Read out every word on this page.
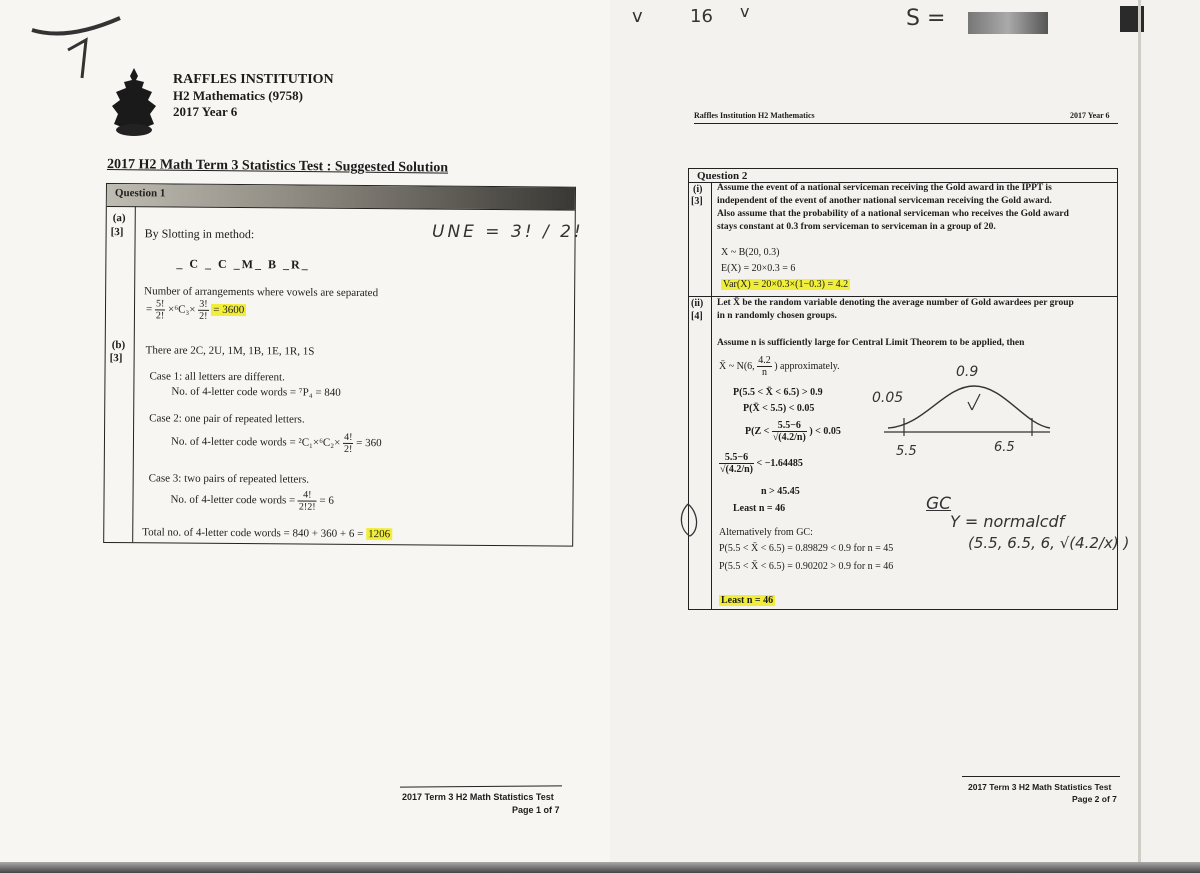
RAFFLES INSTITUTION
H2 Mathematics (9758)
2017 Year 6
2017 H2 Math Term 3 Statistics Test : Suggested Solution
Question 1
(a)
[3] By Slotting in method:
_ C _ C _M_ B _R_
Number of arrangements where vowels are separated
= $\frac{5!}{2!} \times^6C_3\times \frac{3!}{2!} = 3600$
(b)
[3]
There are 2C, 2U, 1M, 1B, 1E, 1R, 1S
Case 1: all letters are different.
No. of 4-letter code words = ⁷P₄ = 840
Case 2: one pair of repeated letters.
No. of 4-letter code words = $^2C_1\times^6C_2\times \frac{4!}{2!} = 360$
Case 3: two pairs of repeated letters.
No. of 4-letter code words = $\frac{4!}{2!2!} = 6$
Total no. of 4-letter code words = 840 + 360 + 6 = 1206
UNE = 3! / 2!
2017 Term 3 H2 Math Statistics Test
Page 1 of 7
v	16 v	S =
Raffles Institution H2 Mathematics	2017 Year 6
Question 2
(i)
[3]
Assume the event of a national serviceman receiving the Gold award in the IPPT is
independent of the event of another national serviceman receiving the Gold award.
Also assume that the probability of a national serviceman who receives the Gold award
stays constant at 0.3 from serviceman to serviceman in a group of 20.
X ~ B(20, 0.3)
E(X) = 20×0.3 = 6
Var(X) = 20×0.3×(1−0.3) = 4.2
(ii)
[4]
Let X̄ be the random variable denoting the average number of Gold awardees per group
in n randomly chosen groups.
Assume n is sufficiently large for Central Limit Theorem to be applied, then
X̄ ~ N(6, $\frac{4.2}{n}$ ) approximately.
P(5.5 < X̄ < 6.5) > 0.9
P(X̄ < 5.5) < 0.05
$P(Z < \frac{5.5-6}{√(4.2/n)}$ ) < 0.05
$\frac{5.5-6}{√(4.2/n)} < -1.64485$
n > 45.45
Least n = 46
Alternatively from GC:
P(5.5 < X̄ < 6.5) = 0.89829 < 0.9 for n = 45
P(5.5 < X̄ < 6.5) = 0.90202 > 0.9 for n = 46
Least n = 46
0.05
0.9
5.5	6.5
GC
Y = normalcdf
(5.5, 6.5, 6, √(4.2/x) )
2017 Term 3 H2 Math Statistics Test
Page 2 of 7
